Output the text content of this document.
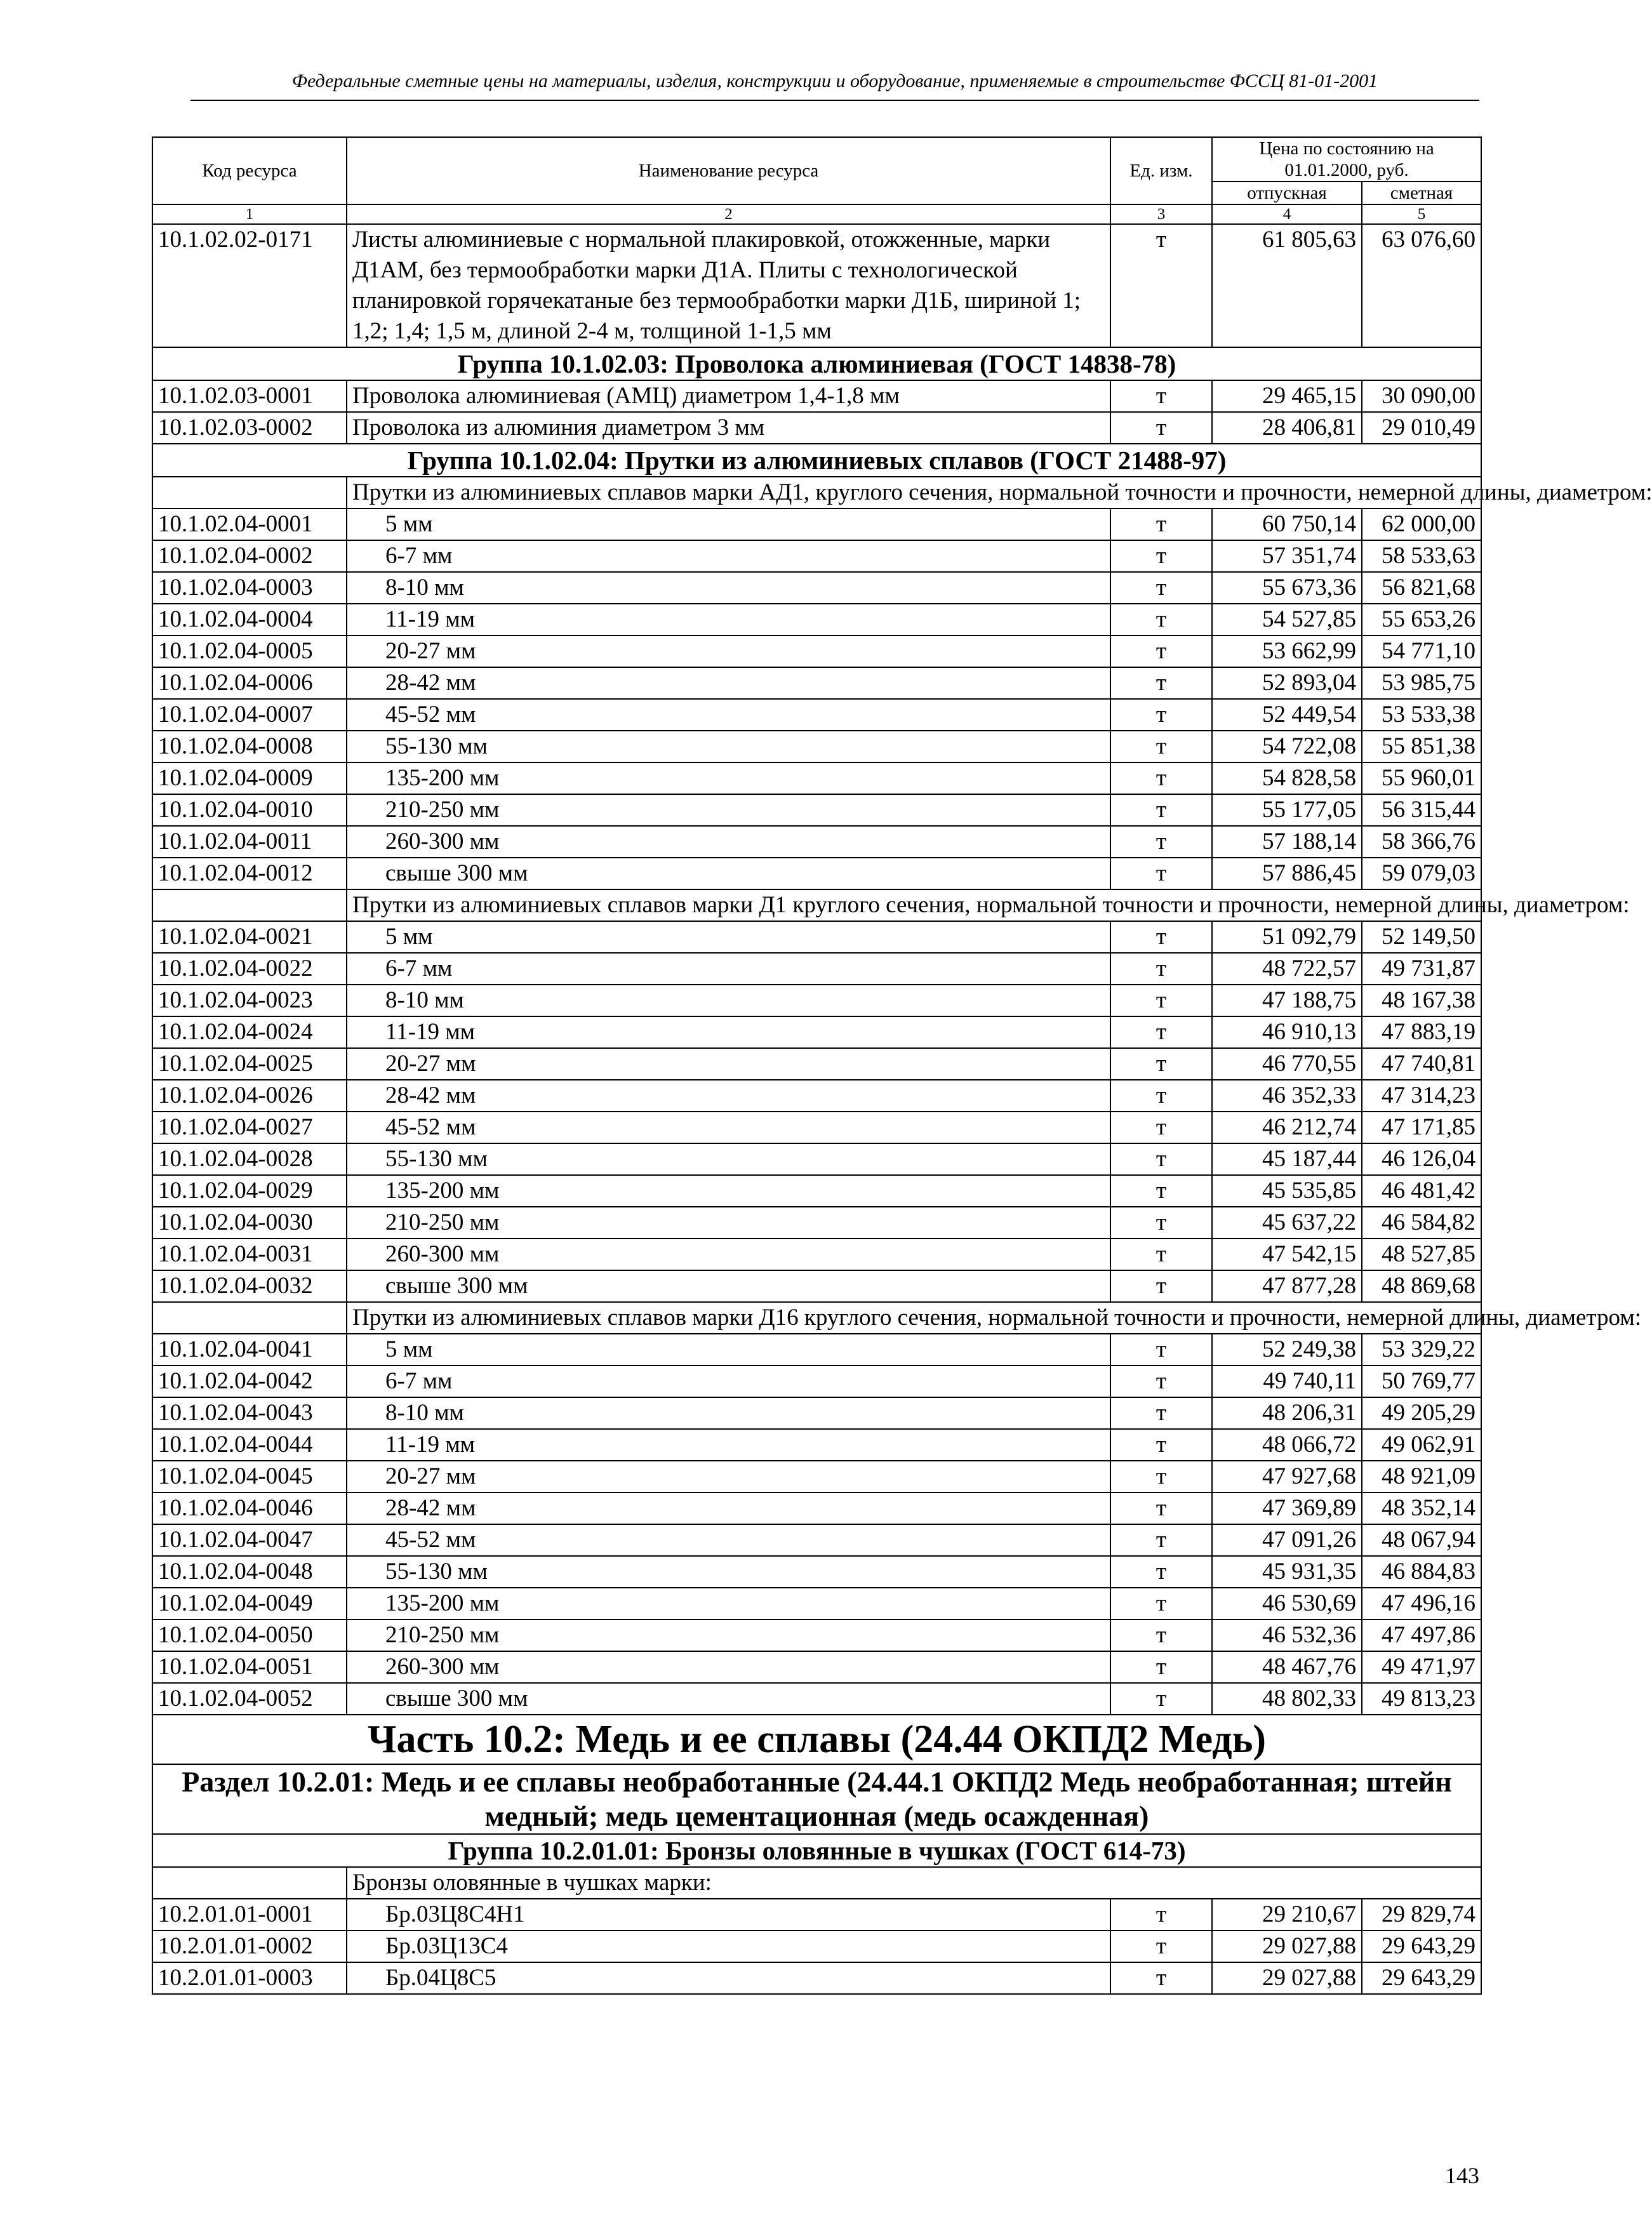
Федеральные сметные цены на материалы, изделия, конструкции и оборудование, применяемые в строительстве ФССЦ 81-01-2001
Код ресурса	Наименование ресурса	Ед. изм.	Цена по состоянию на 01.01.2000, руб.	
			отпускная	сметная
1	2	3	4	5
10.1.02.02-0171	Листы алюминиевые с нормальной плакировкой, отожженные, марки Д1АМ, без термообработки марки Д1А. Плиты с технологической планировкой горячекатаные без термообработки марки Д1Б, шириной 1; 1,2; 1,4; 1,5 м, длиной 2-4 м, толщиной 1-1,5 мм	т	61 805,63	63 076,60
Группа 10.1.02.03: Проволока алюминиевая (ГОСТ 14838-78)				
10.1.02.03-0001	Проволока алюминиевая (АМЦ) диаметром 1,4-1,8 мм	т	29 465,15	30 090,00
10.1.02.03-0002	Проволока из алюминия диаметром 3 мм	т	28 406,81	29 010,49
Группа 10.1.02.04: Прутки из алюминиевых сплавов (ГОСТ 21488-97)				
	Прутки из алюминиевых сплавов марки АД1, круглого сечения, нормальной точности и прочности, немерной длины, диаметром:			
10.1.02.04-0001	5 мм	т	60 750,14	62 000,00
10.1.02.04-0002	6-7 мм	т	57 351,74	58 533,63
10.1.02.04-0003	8-10 мм	т	55 673,36	56 821,68
10.1.02.04-0004	11-19 мм	т	54 527,85	55 653,26
10.1.02.04-0005	20-27 мм	т	53 662,99	54 771,10
10.1.02.04-0006	28-42 мм	т	52 893,04	53 985,75
10.1.02.04-0007	45-52 мм	т	52 449,54	53 533,38
10.1.02.04-0008	55-130 мм	т	54 722,08	55 851,38
10.1.02.04-0009	135-200 мм	т	54 828,58	55 960,01
10.1.02.04-0010	210-250 мм	т	55 177,05	56 315,44
10.1.02.04-0011	260-300 мм	т	57 188,14	58 366,76
10.1.02.04-0012	свыше 300 мм	т	57 886,45	59 079,03
	Прутки из алюминиевых сплавов марки Д1 круглого сечения, нормальной точности и прочности, немерной длины, диаметром:			
10.1.02.04-0021	5 мм	т	51 092,79	52 149,50
10.1.02.04-0022	6-7 мм	т	48 722,57	49 731,87
10.1.02.04-0023	8-10 мм	т	47 188,75	48 167,38
10.1.02.04-0024	11-19 мм	т	46 910,13	47 883,19
10.1.02.04-0025	20-27 мм	т	46 770,55	47 740,81
10.1.02.04-0026	28-42 мм	т	46 352,33	47 314,23
10.1.02.04-0027	45-52 мм	т	46 212,74	47 171,85
10.1.02.04-0028	55-130 мм	т	45 187,44	46 126,04
10.1.02.04-0029	135-200 мм	т	45 535,85	46 481,42
10.1.02.04-0030	210-250 мм	т	45 637,22	46 584,82
10.1.02.04-0031	260-300 мм	т	47 542,15	48 527,85
10.1.02.04-0032	свыше 300 мм	т	47 877,28	48 869,68
	Прутки из алюминиевых сплавов марки Д16 круглого сечения, нормальной точности и прочности, немерной длины, диаметром:			
10.1.02.04-0041	5 мм	т	52 249,38	53 329,22
10.1.02.04-0042	6-7 мм	т	49 740,11	50 769,77
10.1.02.04-0043	8-10 мм	т	48 206,31	49 205,29
10.1.02.04-0044	11-19 мм	т	48 066,72	49 062,91
10.1.02.04-0045	20-27 мм	т	47 927,68	48 921,09
10.1.02.04-0046	28-42 мм	т	47 369,89	48 352,14
10.1.02.04-0047	45-52 мм	т	47 091,26	48 067,94
10.1.02.04-0048	55-130 мм	т	45 931,35	46 884,83
10.1.02.04-0049	135-200 мм	т	46 530,69	47 496,16
10.1.02.04-0050	210-250 мм	т	46 532,36	47 497,86
10.1.02.04-0051	260-300 мм	т	48 467,76	49 471,97
10.1.02.04-0052	свыше 300 мм	т	48 802,33	49 813,23
Часть 10.2: Медь и ее сплавы (24.44 ОКПД2 Медь)				
Раздел 10.2.01: Медь и ее сплавы необработанные (24.44.1 ОКПД2 Медь необработанная; штейн медный; медь цементационная (медь осажденная)				
Группа 10.2.01.01: Бронзы оловянные в чушках (ГОСТ 614-73)				
	Бронзы оловянные в чушках марки:			
10.2.01.01-0001	Бр.03Ц8С4Н1	т	29 210,67	29 829,74
10.2.01.01-0002	Бр.03Ц13С4	т	29 027,88	29 643,29
10.2.01.01-0003	Бр.04Ц8С5	т	29 027,88	29 643,29
143
